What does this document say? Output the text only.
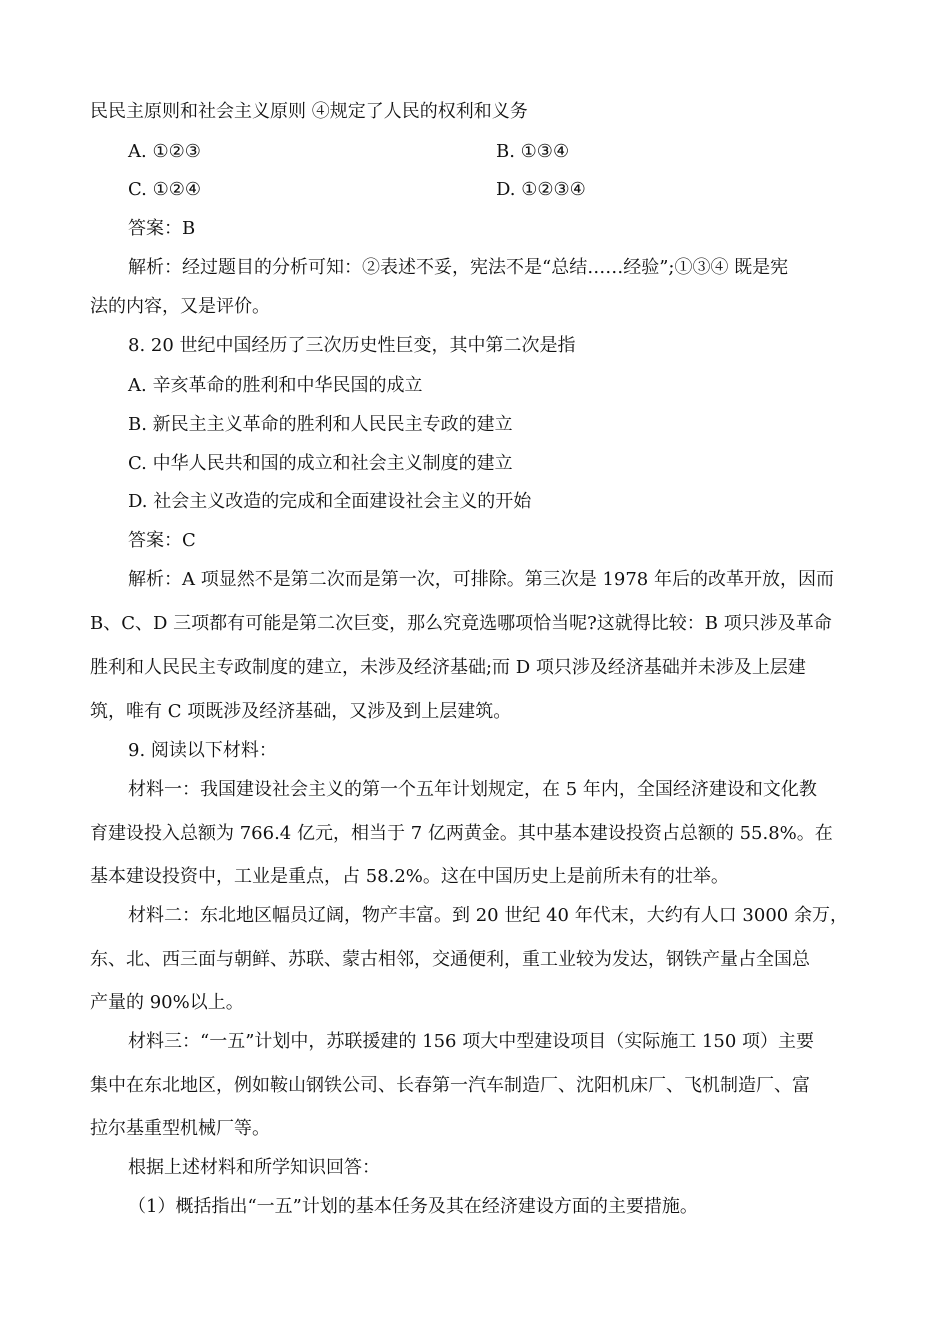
民民主原则和社会主义原则 ④规定了人民的权利和义务
A. ①②③	B. ①③④
C. ①②④	D. ①②③④
答案：B
解析：经过题目的分析可知：②表述不妥，宪法不是“总结……经验”;①③④ 既是宪
法的内容，又是评价。
8. 20 世纪中国经历了三次历史性巨变，其中第二次是指
A. 辛亥革命的胜利和中华民国的成立
B. 新民主主义革命的胜利和人民民主专政的建立
C. 中华人民共和国的成立和社会主义制度的建立
D. 社会主义改造的完成和全面建设社会主义的开始
答案：C
解析：A 项显然不是第二次而是第一次，可排除。第三次是 1978 年后的改革开放，因而
B、C、D 三项都有可能是第二次巨变，那么究竟选哪项恰当呢?这就得比较：B 项只涉及革命
胜利和人民民主专政制度的建立，未涉及经济基础;而 D 项只涉及经济基础并未涉及上层建
筑，唯有 C 项既涉及经济基础，又涉及到上层建筑。
9. 阅读以下材料：
材料一：我国建设社会主义的第一个五年计划规定，在 5 年内，全国经济建设和文化教
育建设投入总额为 766.4 亿元，相当于 7 亿两黄金。其中基本建设投资占总额的 55.8%。在
基本建设投资中，工业是重点，占 58.2%。这在中国历史上是前所未有的壮举。
材料二：东北地区幅员辽阔，物产丰富。到 20 世纪 40 年代末，大约有人口 3000 余万，
东、北、西三面与朝鲜、苏联、蒙古相邻，交通便利，重工业较为发达，钢铁产量占全国总
产量的 90%以上。
材料三：“一五”计划中，苏联援建的 156 项大中型建设项目（实际施工 150 项）主要
集中在东北地区，例如鞍山钢铁公司、长春第一汽车制造厂、沈阳机床厂、飞机制造厂、富
拉尔基重型机械厂等。
根据上述材料和所学知识回答：
（1）概括指出“一五”计划的基本任务及其在经济建设方面的主要措施。
